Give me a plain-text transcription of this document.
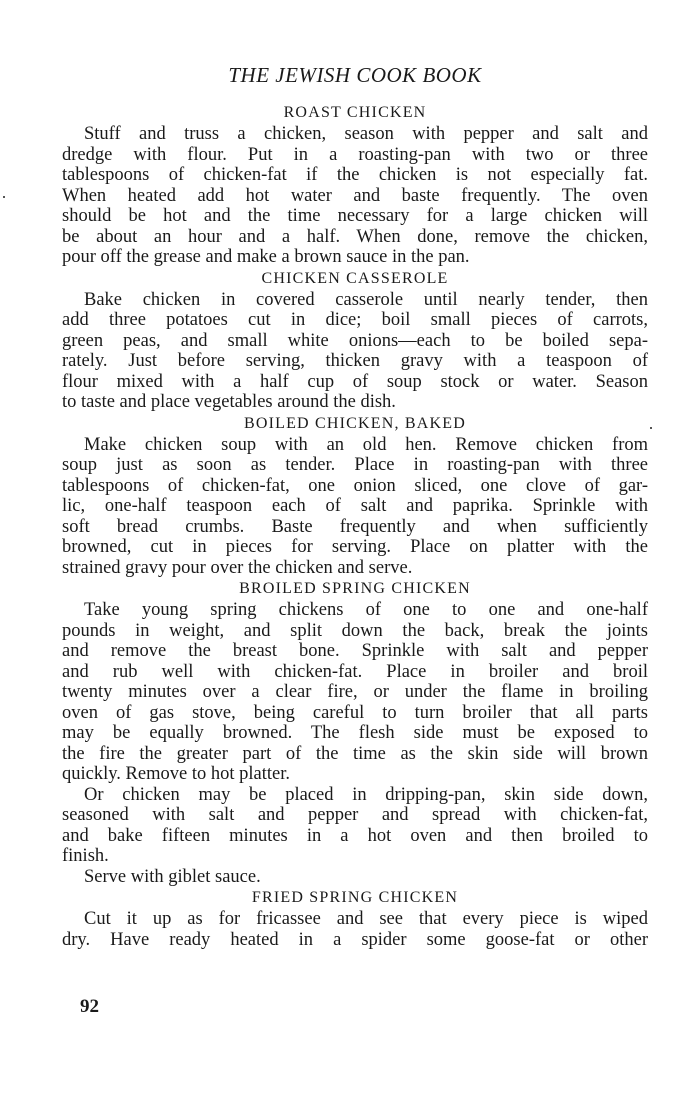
THE JEWISH COOK BOOK
ROAST CHICKEN
Stuff and truss a chicken, season with pepper and salt and
dredge with flour. Put in a roasting-pan with two or three
tablespoons of chicken-fat if the chicken is not especially fat.
When heated add hot water and baste frequently. The oven
should be hot and the time necessary for a large chicken will
be about an hour and a half. When done, remove the chicken,
pour off the grease and make a brown sauce in the pan.
CHICKEN CASSEROLE
Bake chicken in covered casserole until nearly tender, then
add three potatoes cut in dice; boil small pieces of carrots,
green peas, and small white onions—each to be boiled sepa-
rately. Just before serving, thicken gravy with a teaspoon of
flour mixed with a half cup of soup stock or water. Season
to taste and place vegetables around the dish.
BOILED CHICKEN, BAKED
Make chicken soup with an old hen. Remove chicken from
soup just as soon as tender. Place in roasting-pan with three
tablespoons of chicken-fat, one onion sliced, one clove of gar-
lic, one-half teaspoon each of salt and paprika. Sprinkle with
soft bread crumbs. Baste frequently and when sufficiently
browned, cut in pieces for serving. Place on platter with the
strained gravy pour over the chicken and serve.
BROILED SPRING CHICKEN
Take young spring chickens of one to one and one-half
pounds in weight, and split down the back, break the joints
and remove the breast bone. Sprinkle with salt and pepper
and rub well with chicken-fat. Place in broiler and broil
twenty minutes over a clear fire, or under the flame in broiling
oven of gas stove, being careful to turn broiler that all parts
may be equally browned. The flesh side must be exposed to
the fire the greater part of the time as the skin side will brown
quickly. Remove to hot platter.
Or chicken may be placed in dripping-pan, skin side down,
seasoned with salt and pepper and spread with chicken-fat,
and bake fifteen minutes in a hot oven and then broiled to
finish.
Serve with giblet sauce.
FRIED SPRING CHICKEN
Cut it up as for fricassee and see that every piece is wiped
dry. Have ready heated in a spider some goose-fat or other
92
